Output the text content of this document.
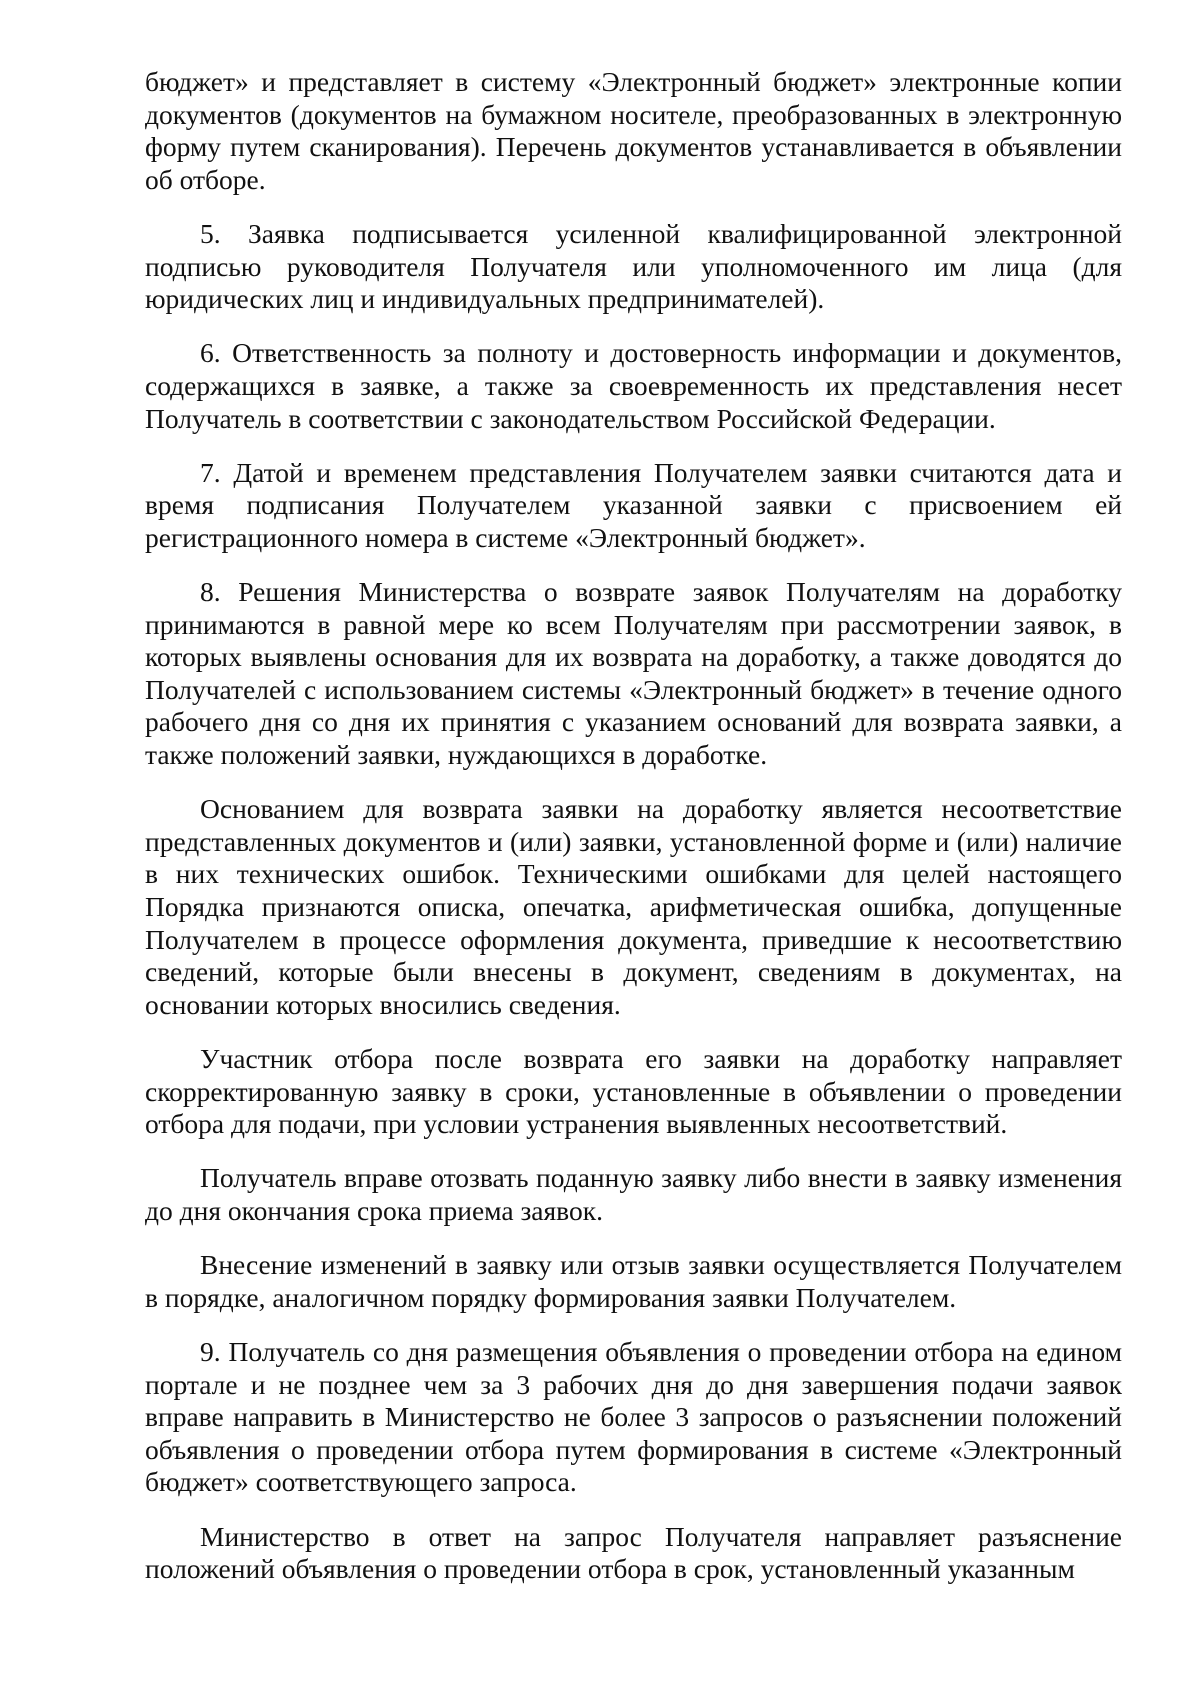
бюджет» и представляет в систему «Электронный бюджет» электронные копии документов (документов на бумажном носителе, преобразованных в электронную форму путем сканирования). Перечень документов устанавливается в объявлении об отборе.

5. Заявка подписывается усиленной квалифицированной электронной подписью руководителя Получателя или уполномоченного им лица (для юридических лиц и индивидуальных предпринимателей).

6. Ответственность за полноту и достоверность информации и документов, содержащихся в заявке, а также за своевременность их представления несет Получатель в соответствии с законодательством Российской Федерации.

7. Датой и временем представления Получателем заявки считаются дата и время подписания Получателем указанной заявки с присвоением ей регистрационного номера в системе «Электронный бюджет».

8. Решения Министерства о возврате заявок Получателям на доработку принимаются в равной мере ко всем Получателям при рассмотрении заявок, в которых выявлены основания для их возврата на доработку, а также доводятся до Получателей с использованием системы «Электронный бюджет» в течение одного рабочего дня со дня их принятия с указанием оснований для возврата заявки, а также положений заявки, нуждающихся в доработке.

Основанием для возврата заявки на доработку является несоответствие представленных документов и (или) заявки, установленной форме и (или) наличие в них технических ошибок. Техническими ошибками для целей настоящего Порядка признаются описка, опечатка, арифметическая ошибка, допущенные Получателем в процессе оформления документа, приведшие к несоответствию сведений, которые были внесены в документ, сведениям в документах, на основании которых вносились сведения.

Участник отбора после возврата его заявки на доработку направляет скорректированную заявку в сроки, установленные в объявлении о проведении отбора для подачи, при условии устранения выявленных несоответствий.

Получатель вправе отозвать поданную заявку либо внести в заявку изменения до дня окончания срока приема заявок.

Внесение изменений в заявку или отзыв заявки осуществляется Получателем в порядке, аналогичном порядку формирования заявки Получателем.

9. Получатель со дня размещения объявления о проведении отбора на едином портале и не позднее чем за 3 рабочих дня до дня завершения подачи заявок вправе направить в Министерство не более 3 запросов о разъяснении положений объявления о проведении отбора путем формирования в системе «Электронный бюджет» соответствующего запроса.

Министерство в ответ на запрос Получателя направляет разъяснение положений объявления о проведении отбора в срок, установленный указанным
